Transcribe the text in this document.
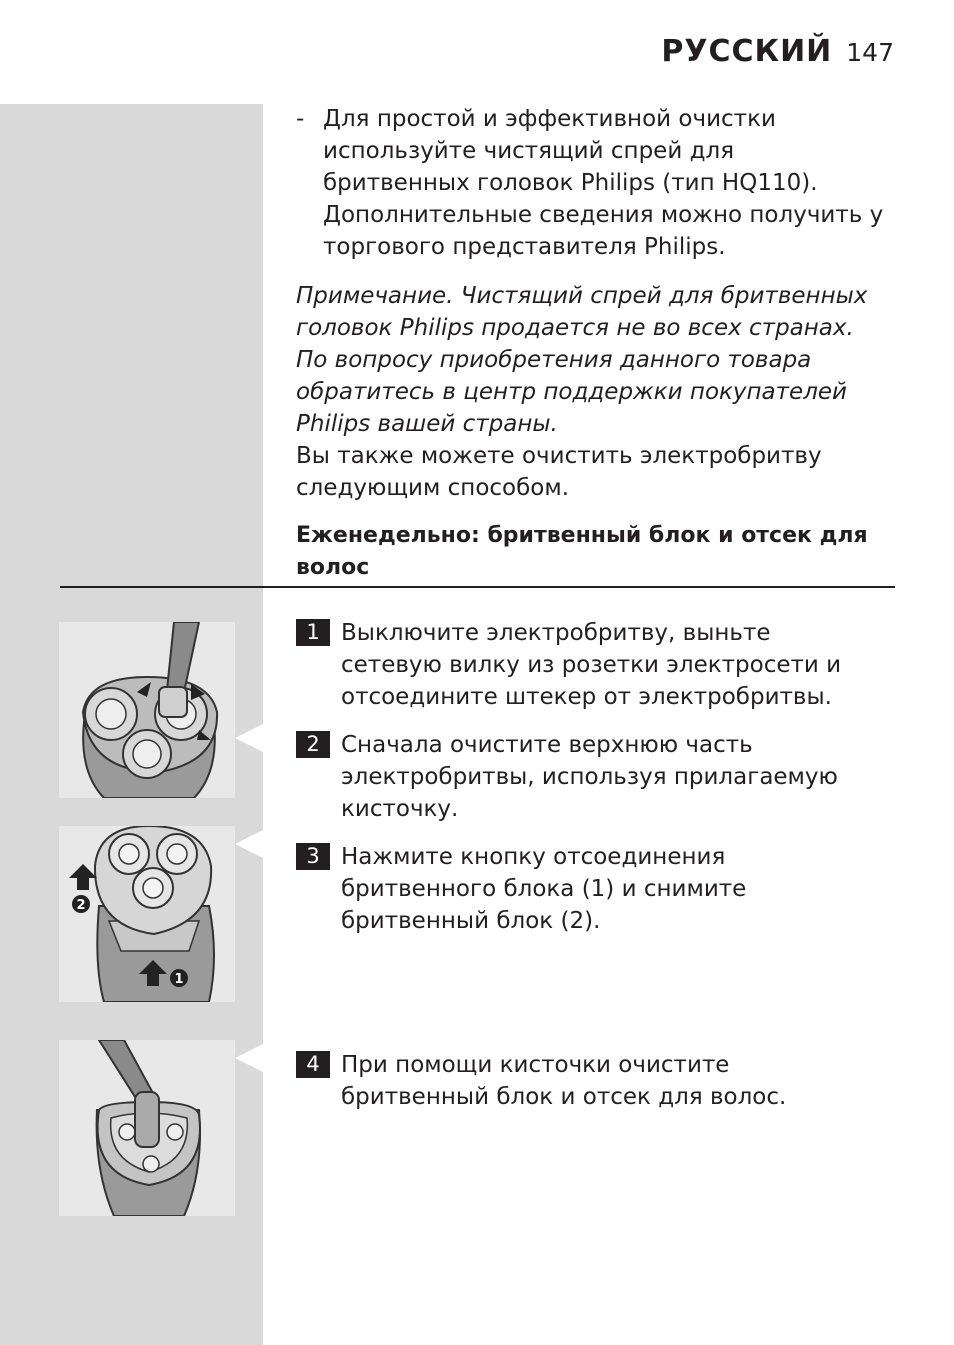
РУССКИЙ 147
- Для простой и эффективной очистки используйте чистящий спрей для бритвенных головок Philips (тип HQ110). Дополнительные сведения можно получить у торгового представителя Philips.
Примечание. Чистящий спрей для бритвенных головок Philips продается не во всех странах. По вопросу приобретения данного товара обратитесь в центр поддержки покупателей Philips вашей страны.
Вы также можете очистить электробритву следующим способом.
Еженедельно: бритвенный блок и отсек для волос
2
1
1 Выключите электробритву, выньте сетевую вилку из розетки электросети и отсоедините штекер от электробритвы.
2 Сначала очистите верхнюю часть электробритвы, используя прилагаемую кисточку.
3 Нажмите кнопку отсоединения бритвенного блока (1) и снимите бритвенный блок (2).
4 При помощи кисточки очистите бритвенный блок и отсек для волос.
